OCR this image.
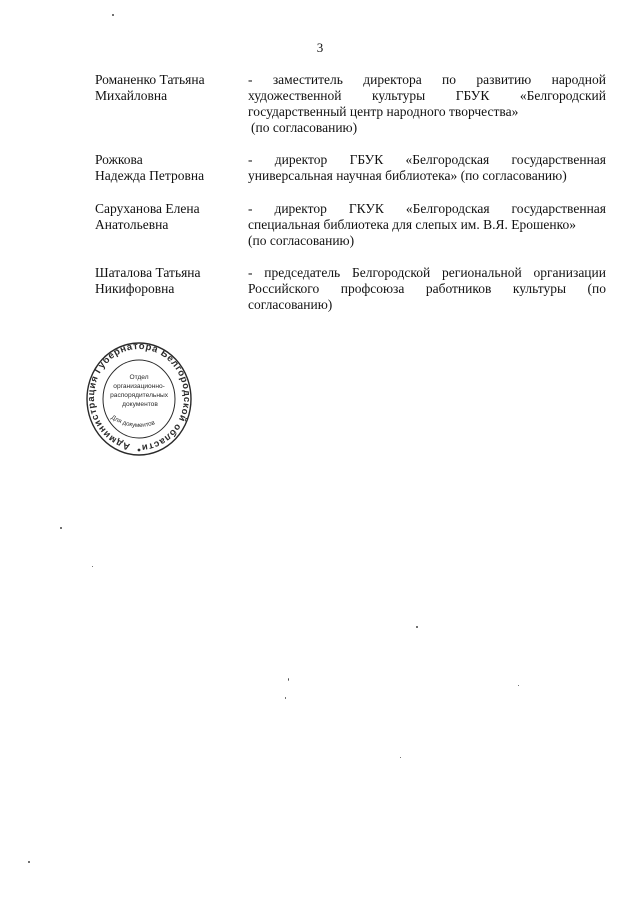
3
Романенко Татьяна
Михайловна
- заместитель директора по развитию народной
художественной культуры ГБУК «Белгородский
государственный центр народного творчества»
(по согласованию)
Рожкова
Надежда Петровна
- директор ГБУК «Белгородская государственная
универсальная научная библиотека» (по согласованию)
Саруханова Елена
Анатольевна
- директор ГКУК «Белгородская государственная
специальная библиотека для слепых им. В.Я. Ерошенко»
(по согласованию)
Шаталова Татьяна
Никифоровна
- председатель Белгородской региональной организации
Российского профсоюза работников культуры (по
согласованию)
Администрация Губернатора Белгородской области
Отдел организационно- распорядительных документов
Для документов
